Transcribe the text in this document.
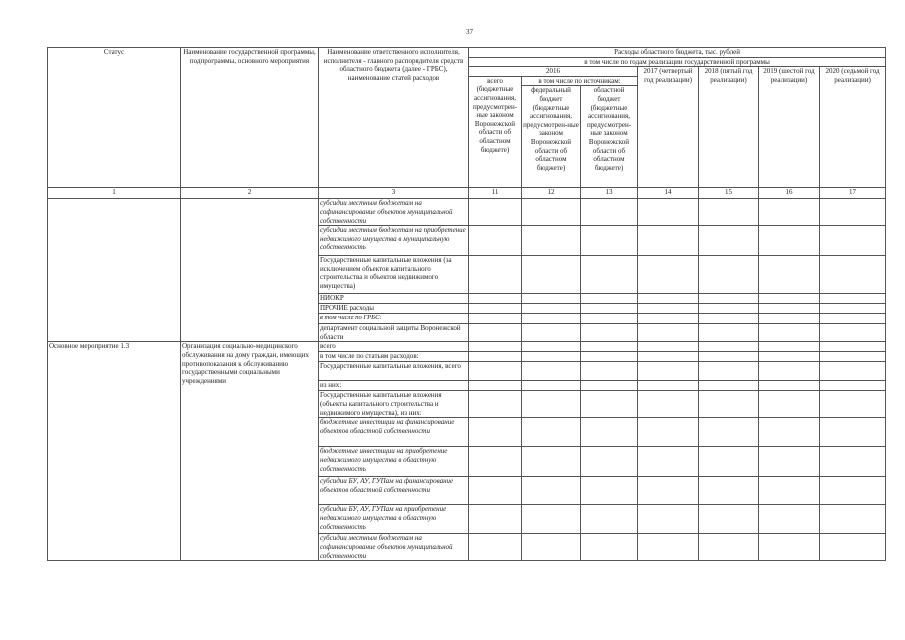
37
Статус	Наименование государственной программы, подпрограммы, основного мероприятия	Наименование ответственного исполнителя, исполнителя - главного распорядителя средств областного бюджета (далее - ГРБС), наименование статей расходов	Расходы областного бюджета, тыс. рублей						
			в том числе по годам реализации государственной программы						
			2016			2017 (четвертый год реализации)	2018 (пятый год реализации)	2019 (шестой год реализации)	2020 (седьмой год реализации)
			всего (бюджетные ассигнования, предусмотрен-ные законом Воронежской области об областном бюджете)	в том числе по источникам:					
				федеральный бюджет (бюджетные ассигнования, предусмотрен-ные законом Воронежской области об областном бюджете)	областной бюджет (бюджетные ассигнования, предусмотрен-ные законом Воронежской области об областном бюджете)				
1	2	3	11	12	13	14	15	16	17
		субсидии местным бюджетам на софинансирование объектов муниципальной собственности							
		субсидии местным бюджетам на приобретение недвижимого имущества в муниципальную собственность							
		Государственные капитальные вложения (за исключением объектов капитального строительства и объектов недвижимого имущества)							
		НИОКР							
		ПРОЧИЕ расходы							
		в том числе по ГРБС:							
		департамент социальной защиты Воронежской области							
Основное мероприятие 1.3	Организация социально-медицинского обслуживания на дому граждан, имеющих противопоказания к обслуживанию государственными социальными учреждениями	всего							
		в том числе по статьям расходов:							
		Государственные капитальные вложения, всего							
		из них:							
		Государственные капитальные вложения (объекты капитального строительства и недвижимого имущества), из них:							
		бюджетные инвестиции на финансирование объектов областной собственности							
		бюджетные инвестиции на приобретение недвижимого имущества в областную собственность							
		субсидии БУ, АУ, ГУПам на финансирование объектов областной собственности							
		субсидии БУ, АУ, ГУПам на приобретение недвижимого имущества в областную собственность							
		субсидии местным бюджетам на софинансирование объектов муниципальной собственности							
